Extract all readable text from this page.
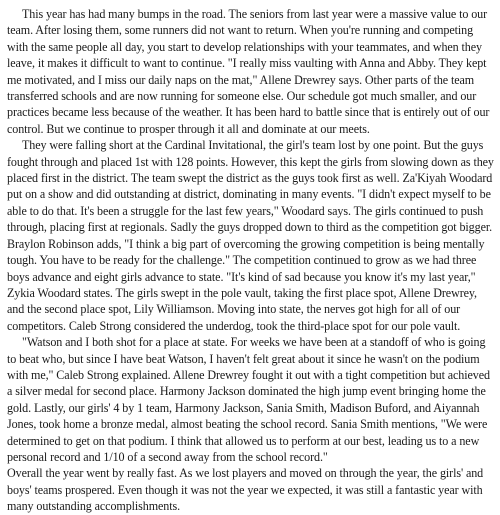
This year has had many bumps in the road. The seniors from last year were a massive value to our team. After losing them, some runners did not want to return. When you're running and competing with the same people all day, you start to develop relationships with your teammates, and when they leave, it makes it difficult to want to continue. "I really miss vaulting with Anna and Abby. They kept me motivated, and I miss our daily naps on the mat," Allene Drewrey says. Other parts of the team transferred schools and are now running for someone else. Our schedule got much smaller, and our practices became less because of the weather. It has been hard to battle since that is entirely out of our control. But we continue to prosper through it all and dominate at our meets.

They were falling short at the Cardinal Invitational, the girl's team lost by one point. But the guys fought through and placed 1st with 128 points. However, this kept the girls from slowing down as they placed first in the district. The team swept the district as the guys took first as well. Za'Kiyah Woodard put on a show and did outstanding at district, dominating in many events. "I didn't expect myself to be able to do that. It's been a struggle for the last few years," Woodard says. The girls continued to push through, placing first at regionals. Sadly the guys dropped down to third as the competition got bigger. Braylon Robinson adds, "I think a big part of overcoming the growing competition is being mentally tough. You have to be ready for the challenge." The competition continued to grow as we had three boys advance and eight girls advance to state. "It's kind of sad because you know it's my last year," Zykia Woodard states. The girls swept in the pole vault, taking the first place spot, Allene Drewrey, and the second place spot, Lily Williamson. Moving into state, the nerves got high for all of our competitors. Caleb Strong considered the underdog, took the third-place spot for our pole vault.

"Watson and I both shot for a place at state. For weeks we have been at a standoff of who is going to beat who, but since I have beat Watson, I haven't felt great about it since he wasn't on the podium with me," Caleb Strong explained. Allene Drewrey fought it out with a tight competition but achieved a silver medal for second place. Harmony Jackson dominated the high jump event bringing home the gold. Lastly, our girls' 4 by 1 team, Harmony Jackson, Sania Smith, Madison Buford, and Aiyannah Jones, took home a bronze medal, almost beating the school record. Sania Smith mentions, "We were determined to get on that podium. I think that allowed us to perform at our best, leading us to a new personal record and 1/10 of a second away from the school record."

Overall the year went by really fast. As we lost players and moved on through the year, the girls' and boys' teams prospered. Even though it was not the year we expected, it was still a fantastic year with many outstanding accomplishments.
